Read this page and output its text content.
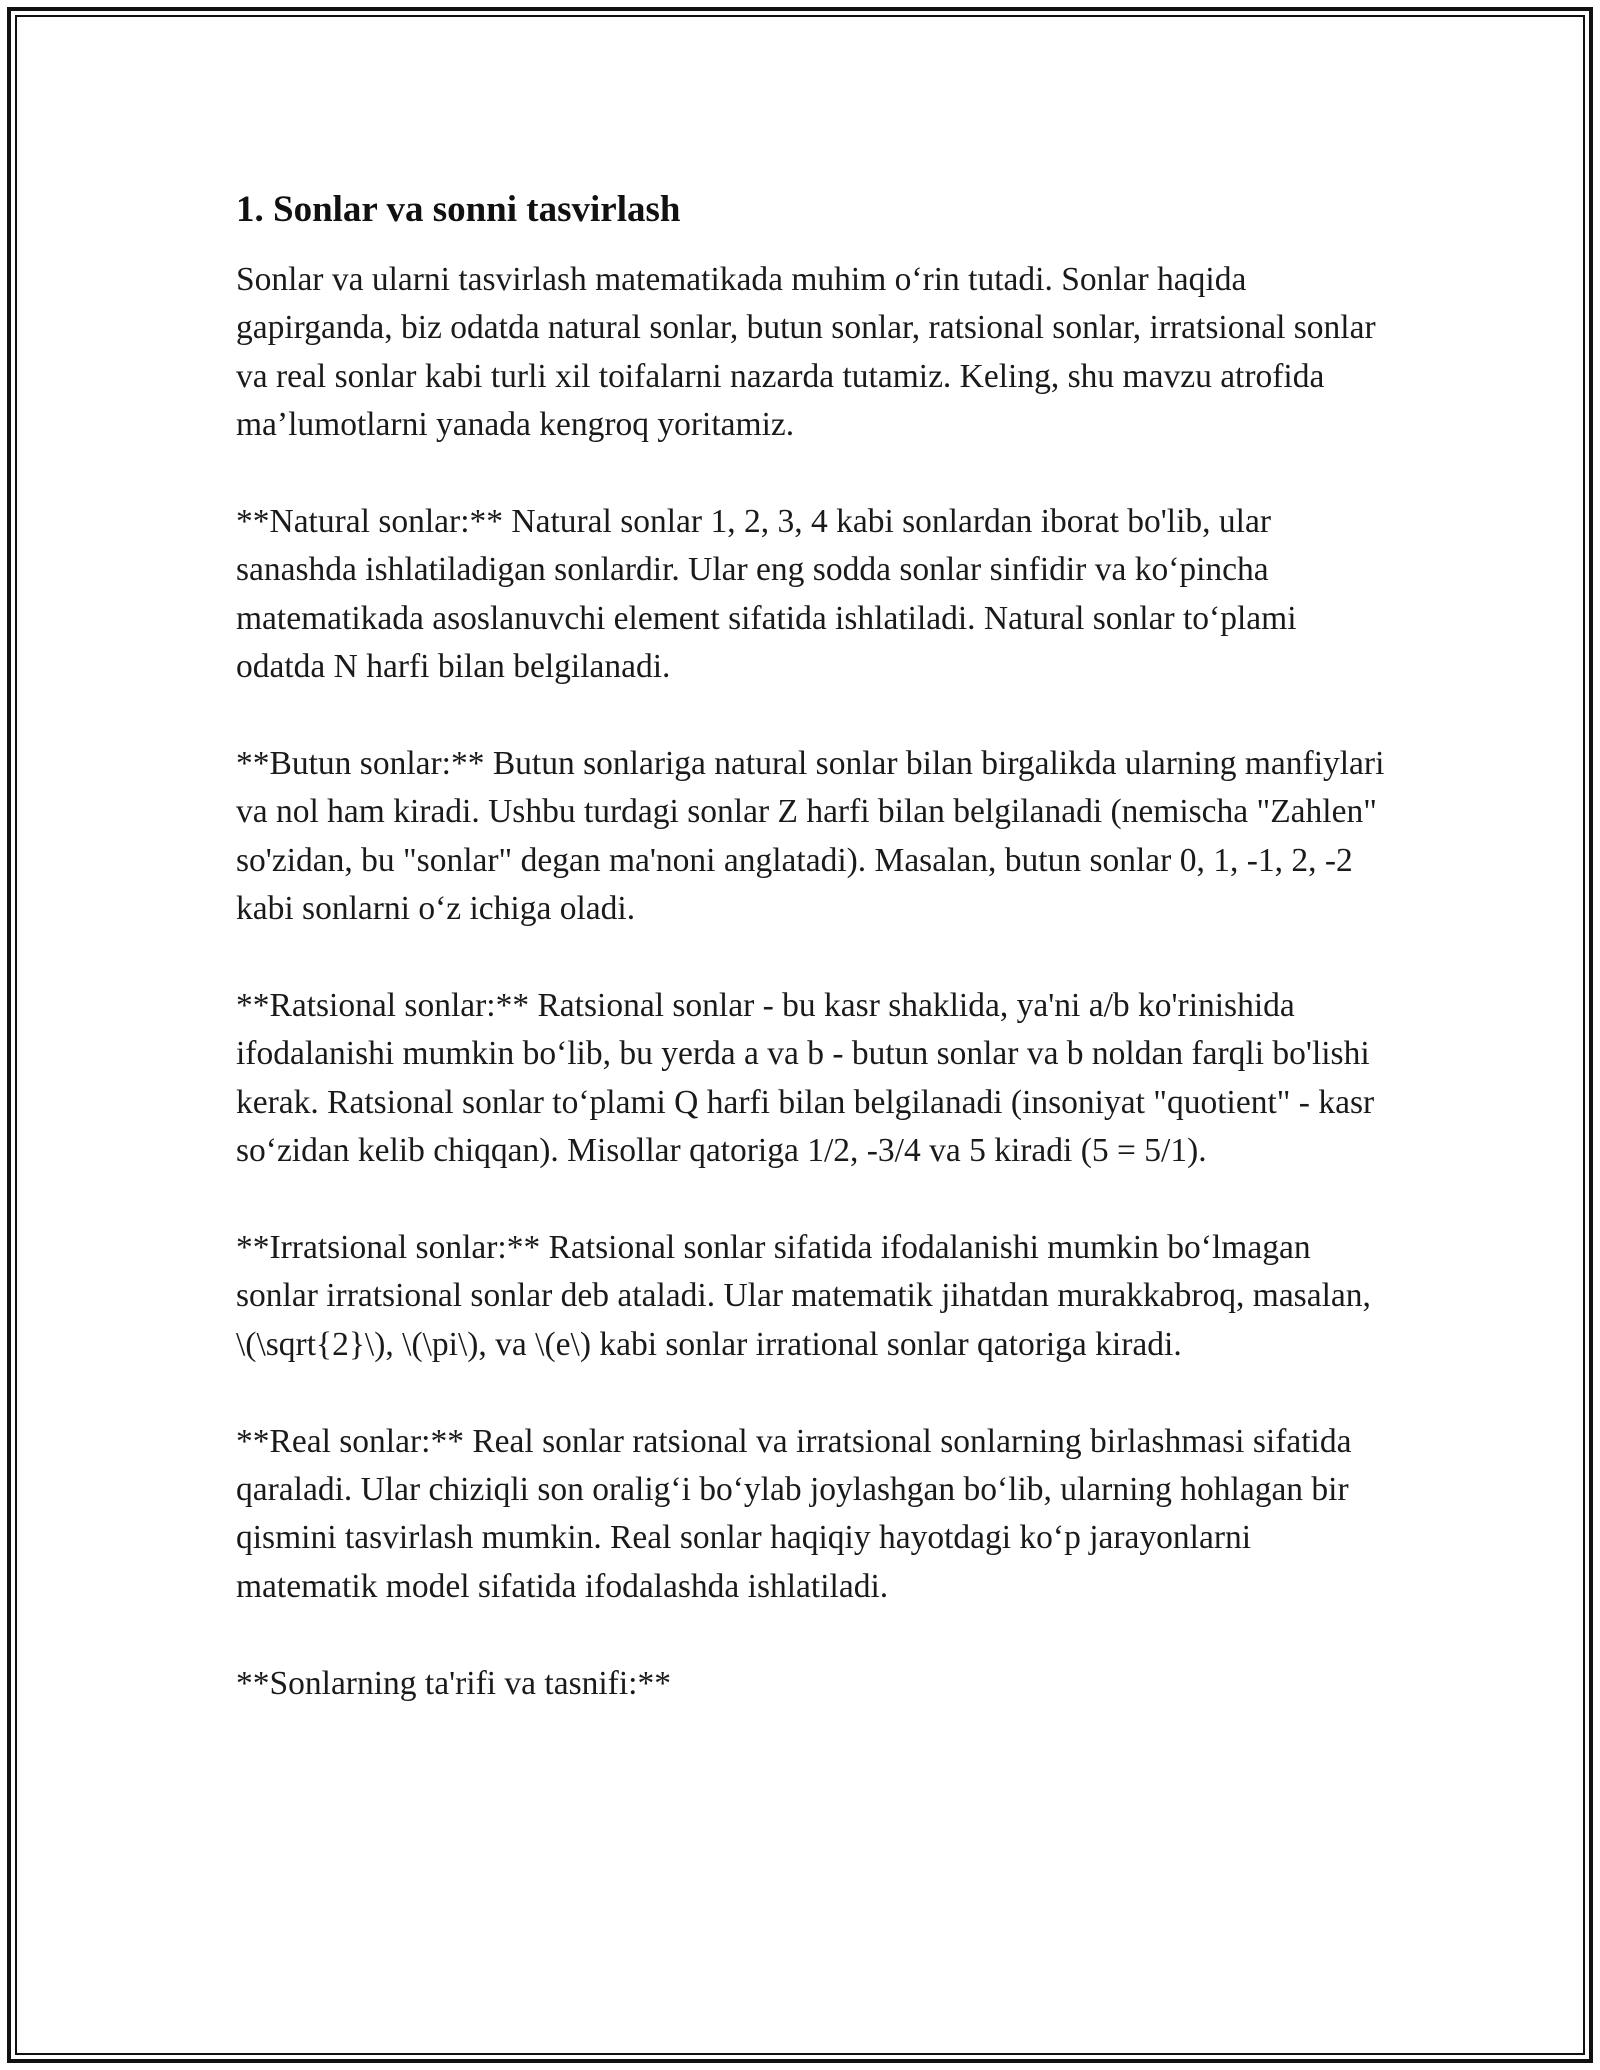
1. Sonlar va sonni tasvirlash

Sonlar va ularni tasvirlash matematikada muhim o‘rin tutadi. Sonlar haqida gapirganda, biz odatda natural sonlar, butun sonlar, ratsional sonlar, irratsional sonlar va real sonlar kabi turli xil toifalarni nazarda tutamiz. Keling, shu mavzu atrofida ma’lumotlarni yanada kengroq yoritamiz.

**Natural sonlar:** Natural sonlar 1, 2, 3, 4 kabi sonlardan iborat bo'lib, ular sanashda ishlatiladigan sonlardir. Ular eng sodda sonlar sinfidir va ko‘pincha matematikada asoslanuvchi element sifatida ishlatiladi. Natural sonlar to‘plami odatda N harfi bilan belgilanadi.

**Butun sonlar:** Butun sonlariga natural sonlar bilan birgalikda ularning manfiylari va nol ham kiradi. Ushbu turdagi sonlar Z harfi bilan belgilanadi (nemischa "Zahlen" so'zidan, bu "sonlar" degan ma'noni anglatadi). Masalan, butun sonlar 0, 1, -1, 2, -2 kabi sonlarni o‘z ichiga oladi.

**Ratsional sonlar:** Ratsional sonlar - bu kasr shaklida, ya'ni a/b ko'rinishida ifodalanishi mumkin bo‘lib, bu yerda a va b - butun sonlar va b noldan farqli bo'lishi kerak. Ratsional sonlar to‘plami Q harfi bilan belgilanadi (insoniyat "quotient" - kasr so‘zidan kelib chiqqan). Misollar qatoriga 1/2, -3/4 va 5 kiradi (5 = 5/1).

**Irratsional sonlar:** Ratsional sonlar sifatida ifodalanishi mumkin bo‘lmagan sonlar irratsional sonlar deb ataladi. Ular matematik jihatdan murakkabroq, masalan, \(\sqrt{2}\), \(\pi\), va \(e\) kabi sonlar irrational sonlar qatoriga kiradi.

**Real sonlar:** Real sonlar ratsional va irratsional sonlarning birlashmasi sifatida qaraladi. Ular chiziqli son oralig‘i bo‘ylab joylashgan bo‘lib, ularning hohlagan bir qismini tasvirlash mumkin. Real sonlar haqiqiy hayotdagi ko‘p jarayonlarni matematik model sifatida ifodalashda ishlatiladi.

**Sonlarning ta'rifi va tasnifi:**
